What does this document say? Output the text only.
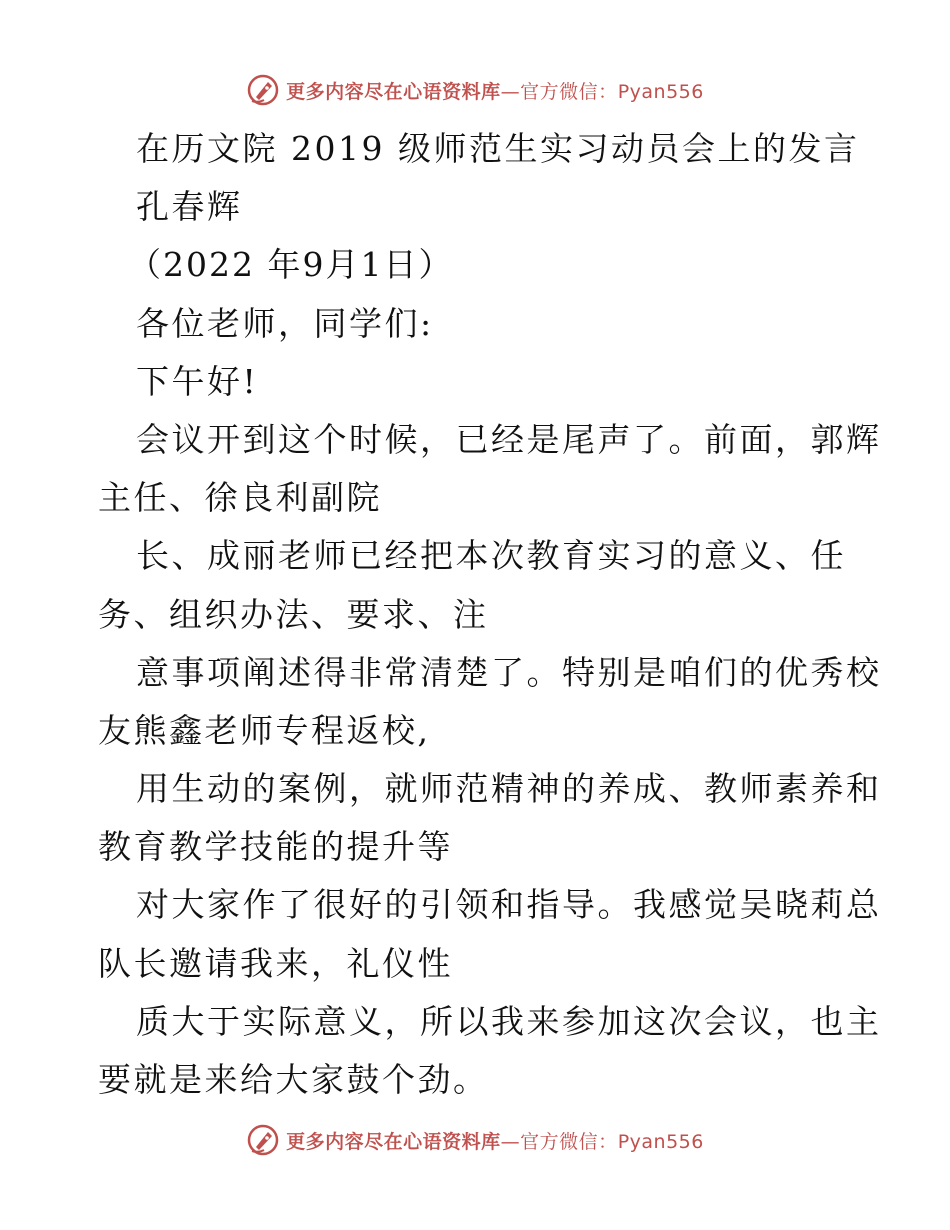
更多内容尽在心语资料库—官方微信：Pyan556
在历文院 2019 级师范生实习动员会上的发言
孔春辉
（2022 年9月1日）
各位老师，同学们:
下午好!
会议开到这个时候，已经是尾声了。前面，郭辉
主任、徐良利副院
长、成丽老师已经把本次教育实习的意义、任
务、组织办法、要求、注
意事项阐述得非常清楚了。特别是咱们的优秀校
友熊鑫老师专程返校,
用生动的案例，就师范精神的养成、教师素养和
教育教学技能的提升等
对大家作了很好的引领和指导。我感觉吴晓莉总
队长邀请我来，礼仪性
质大于实际意义，所以我来参加这次会议，也主
要就是来给大家鼓个劲。
更多内容尽在心语资料库—官方微信：Pyan556
